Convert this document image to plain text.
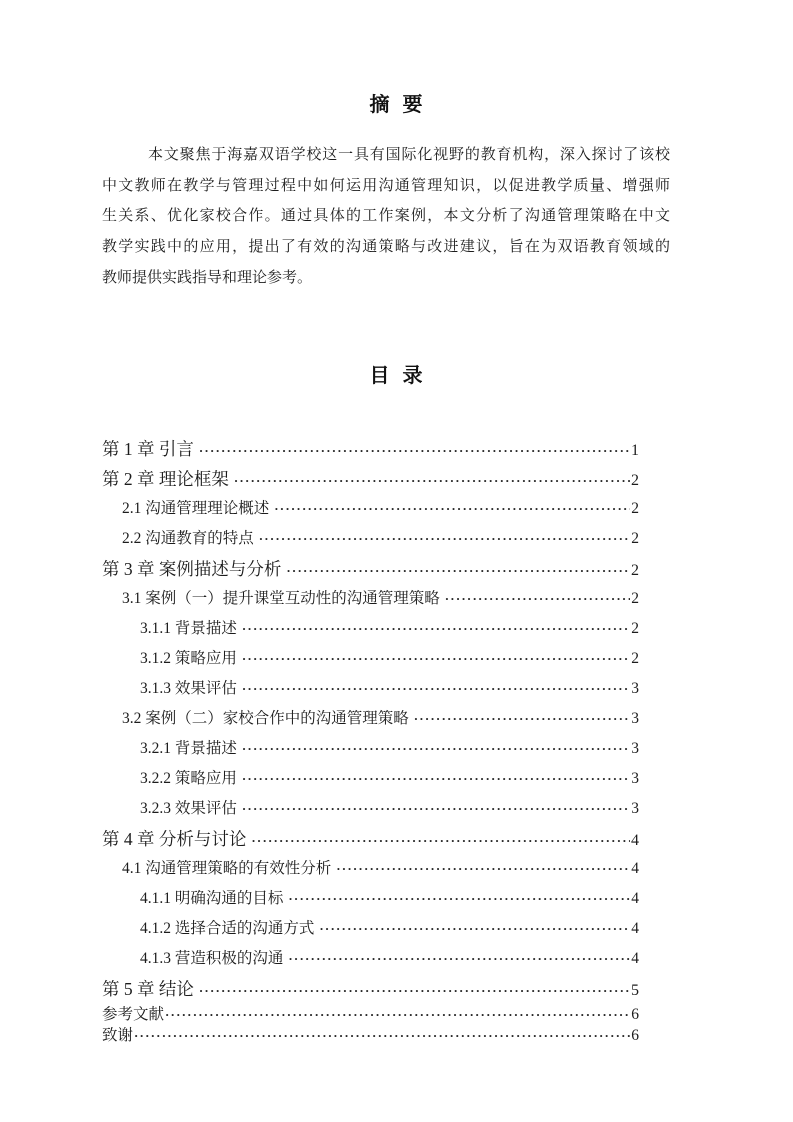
摘  要
本文聚焦于海嘉双语学校这一具有国际化视野的教育机构，深入探讨了该校
中文教师在教学与管理过程中如何运用沟通管理知识，以促进教学质量、增强师
生关系、优化家校合作。通过具体的工作案例，本文分析了沟通管理策略在中文
教学实践中的应用，提出了有效的沟通策略与改进建议，旨在为双语教育领域的
教师提供实践指导和理论参考。
目  录
第 1 章 引言 ·····	1
第 2 章 理论框架 ·····	2
2.1 沟通管理理论概述 ·····	2
2.2 沟通教育的特点 ·····	2
第 3 章 案例描述与分析 ·····	2
3.1 案例（一）提升课堂互动性的沟通管理策略 ·····	2
3.1.1 背景描述 ·····	2
3.1.2 策略应用 ·····	2
3.1.3 效果评估 ·····	3
3.2 案例（二）家校合作中的沟通管理策略 ·····	3
3.2.1 背景描述 ·····	3
3.2.2 策略应用 ·····	3
3.2.3 效果评估 ·····	3
第 4 章 分析与讨论 ·····	4
4.1 沟通管理策略的有效性分析 ·····	4
4.1.1 明确沟通的目标 ·····	4
4.1.2 选择合适的沟通方式 ·····	4
4.1.3 营造积极的沟通 ·····	4
第 5 章 结论 ·····	5
参考文献 ·····	6
致谢 ·····	6
